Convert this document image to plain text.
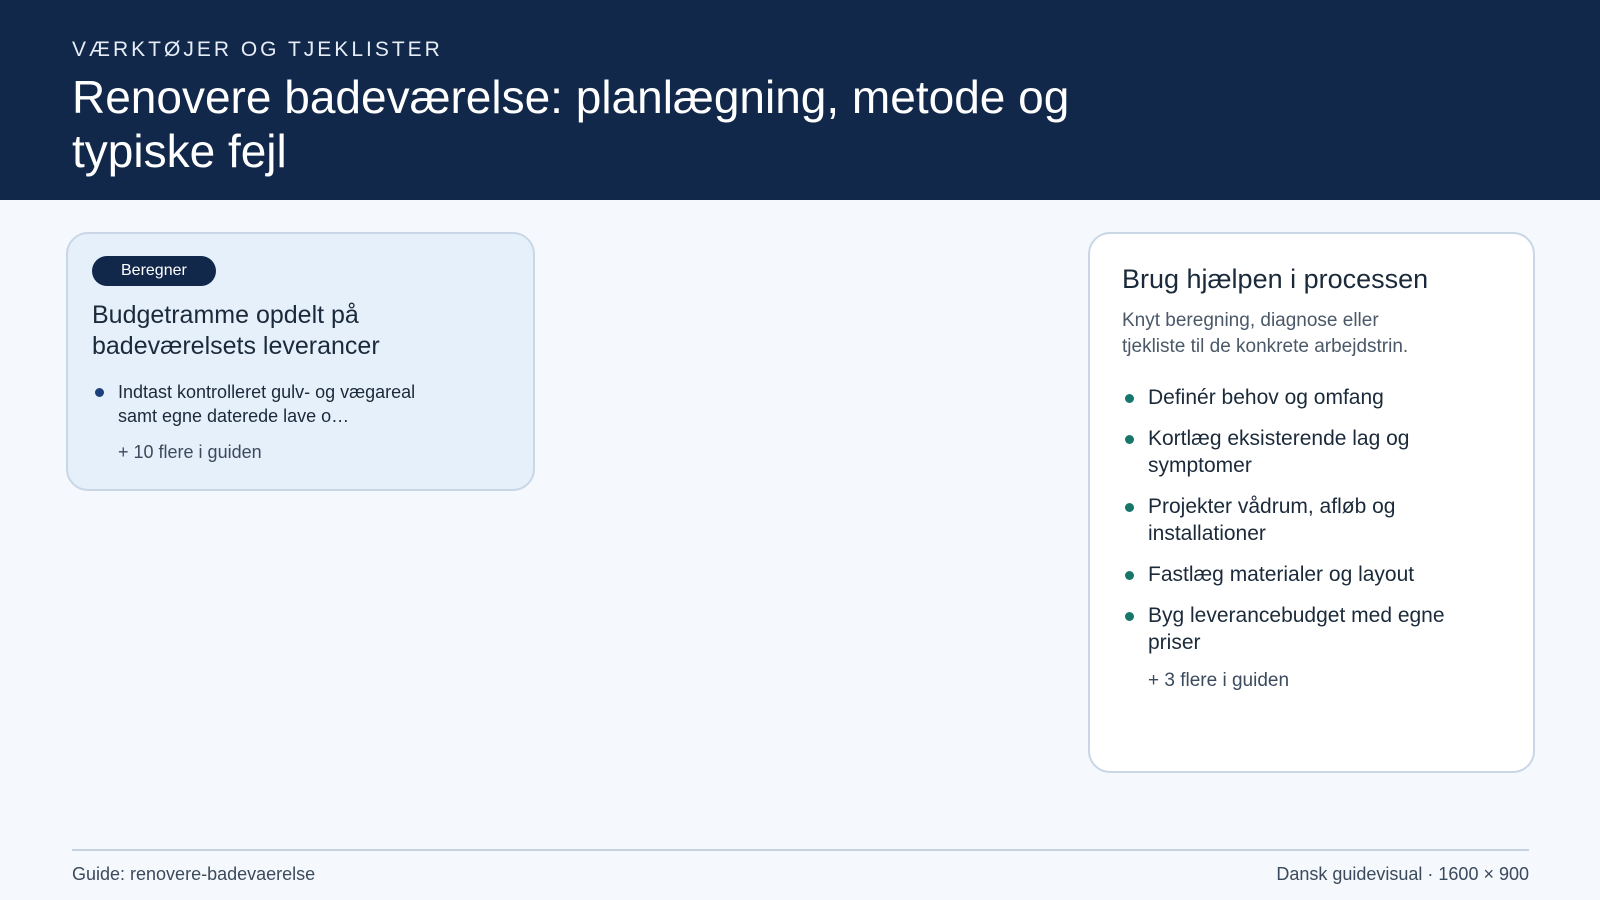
VÆRKTØJER OG TJEKLISTER
Renovere badeværelse: planlægning, metode og typiske fejl
Beregner
Budgetramme opdelt på badeværelsets leverancer
Indtast kontrolleret gulv- og vægareal samt egne daterede lave o…
+ 10 flere i guiden
Brug hjælpen i processen

Knyt beregning, diagnose eller tjekliste til de konkrete arbejdstrin.

Definér behov og omfang
Kortlæg eksisterende lag og symptomer
Projekter vådrum, afløb og installationer
Fastlæg materialer og layout
Byg leverancebudget med egne priser
+ 3 flere i guiden
Guide: renovere-badevaerelse	Dansk guidevisual · 1600 × 900
